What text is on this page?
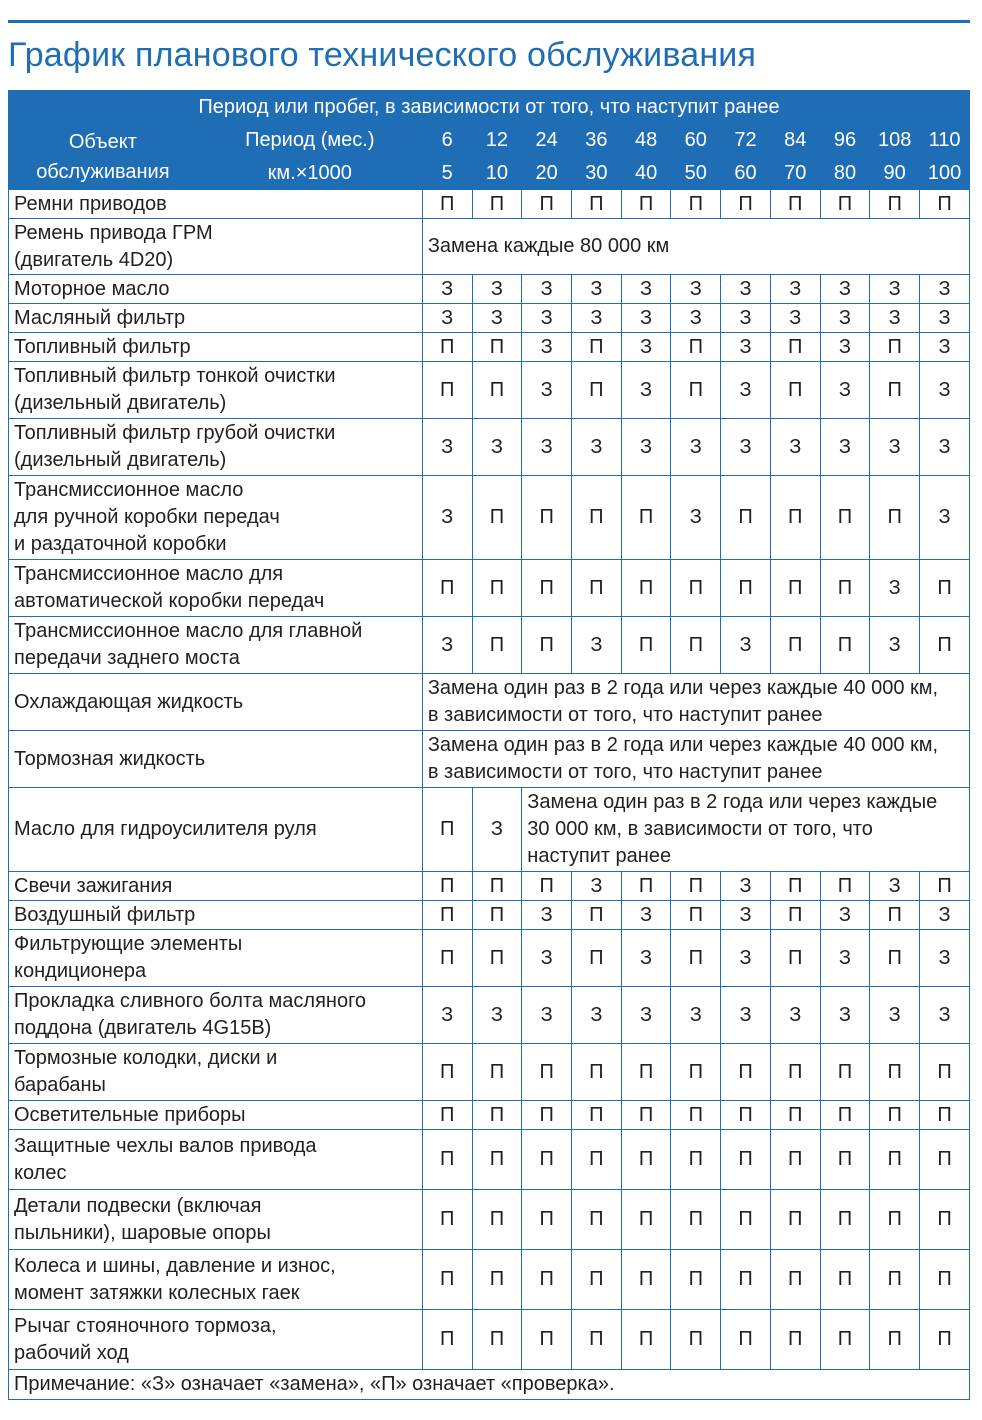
График планового технического обслуживания
Период или пробег, в зависимости от того, что наступит ранее												
Объект обслуживания	Период (мес.)	6	12	24	36	48	60	72	84	96	108	110
	км.×1000	5	10	20	30	40	50	60	70	80	90	100
Ремни приводов		П	П	П	П	П	П	П	П	П	П	П
Ремень привода ГРМ
(двигатель 4D20)		Замена каждые 80 000 км										
Моторное масло		З	З	З	З	З	З	З	З	З	З	З
Масляный фильтр		З	З	З	З	З	З	З	З	З	З	З
Топливный фильтр		П	П	З	П	З	П	З	П	З	П	З
Топливный фильтр тонкой очистки
(дизельный двигатель)		П	П	З	П	З	П	З	П	З	П	З
Топливный фильтр грубой очистки
(дизельный двигатель)		З	З	З	З	З	З	З	З	З	З	З
Трансмиссионное масло
для ручной коробки передач
и раздаточной коробки		З	П	П	П	П	З	П	П	П	П	З
Трансмиссионное масло для
автоматической коробки передач		П	П	П	П	П	П	П	П	П	З	П
Трансмиссионное масло для главной
передачи заднего моста		З	П	П	З	П	П	З	П	П	З	П
Охлаждающая жидкость		Замена один раз в 2 года или через каждые 40 000 км,
в зависимости от того, что наступит ранее										
Тормозная жидкость		Замена один раз в 2 года или через каждые 40 000 км,
в зависимости от того, что наступит ранее										
Масло для гидроусилителя руля		П	З	Замена один раз в 2 года или через каждые
30 000 км, в зависимости от того, что
наступит ранее								
Свечи зажигания		П	П	П	З	П	П	З	П	П	З	П
Воздушный фильтр		П	П	З	П	З	П	З	П	З	П	З
Фильтрующие элементы
кондиционера		П	П	З	П	З	П	З	П	З	П	З
Прокладка сливного болта масляного
поддона (двигатель 4G15B)		З	З	З	З	З	З	З	З	З	З	З
Тормозные колодки, диски и
барабаны		П	П	П	П	П	П	П	П	П	П	П
Осветительные приборы		П	П	П	П	П	П	П	П	П	П	П
Защитные чехлы валов привода
колес		П	П	П	П	П	П	П	П	П	П	П
Детали подвески (включая
пыльники), шаровые опоры		П	П	П	П	П	П	П	П	П	П	П
Колеса и шины, давление и износ,
момент затяжки колесных гаек		П	П	П	П	П	П	П	П	П	П	П
Рычаг стояночного тормоза,
рабочий ход		П	П	П	П	П	П	П	П	П	П	П
Примечание: «З» означает «замена», «П» означает «проверка».												
